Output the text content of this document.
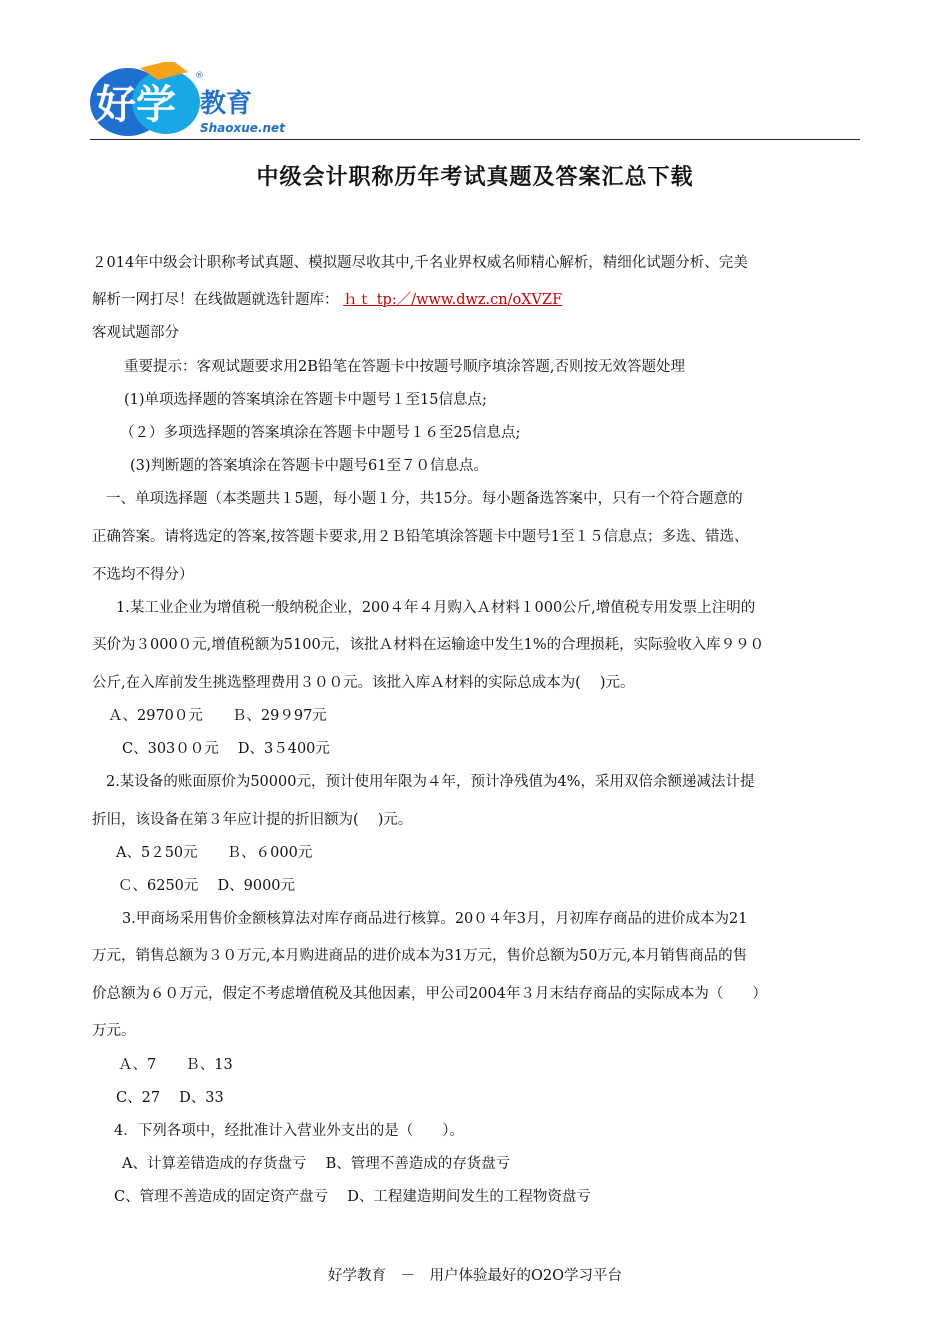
好学 教育
Shaoxue.net
®
中级会计职称历年考试真题及答案汇总下载
２014年中级会计职称考试真题、模拟题尽收其中,千名业界权威名师精心解析，精细化试题分析、完美
解析一网打尽！在线做题就选针题库： ｈｔ tp:／/www.dwz.cn/oXVZF
客观试题部分
重要提示：客观试题要求用2B铅笔在答题卡中按题号顺序填涂答题,否则按无效答题处理
(1)单项选择题的答案填涂在答题卡中题号１至15信息点;
（２）多项选择题的答案填涂在答题卡中题号１６至25信息点;
(3)判断题的答案填涂在答题卡中题号61至７０信息点。
一、单项选择题（本类题共１5题，每小题１分，共15分。每小题备选答案中，只有一个符合题意的
正确答案。请将选定的答案,按答题卡要求,用２Ｂ铅笔填涂答题卡中题号1至１５信息点；多选、错选、
不选均不得分）
1.某工业企业为增值税一般纳税企业，200４年４月购入Ａ材料１000公斤,增值税专用发票上注明的
买价为３000０元,增值税额为5100元，该批Ａ材料在运输途中发生1%的合理损耗，实际验收入库９９０
公斤,在入库前发生挑选整理费用３００元。该批入库Ａ材料的实际总成本为(　 )元。
Ａ、2970０元　　Ｂ、29９97元
C、303００元　 D、3５400元
2.某设备的账面原价为50000元，预计使用年限为４年，预计净残值为4%，采用双倍余额递减法计提
折旧，该设备在第３年应计提的折旧额为(　 )元。
A、5２50元　　Ｂ、６000元
Ｃ、6250元　 D、9000元
3.甲商场采用售价金额核算法对库存商品进行核算。20０４年3月，月初库存商品的进价成本为21
万元，销售总额为３０万元,本月购进商品的进价成本为31万元，售价总额为50万元,本月销售商品的售
价总额为６０万元，假定不考虑增值税及其他因素，甲公司2004年３月末结存商品的实际成本为（　　）
万元。
Ａ、7　　Ｂ、13
C、27　 D、33
4．下列各项中，经批准计入营业外支出的是（　　）。
A、计算差错造成的存货盘亏　 B、管理不善造成的存货盘亏
C、管理不善造成的固定资产盘亏　 D、工程建造期间发生的工程物资盘亏
好学教育　－　用户体验最好的O2O学习平台
